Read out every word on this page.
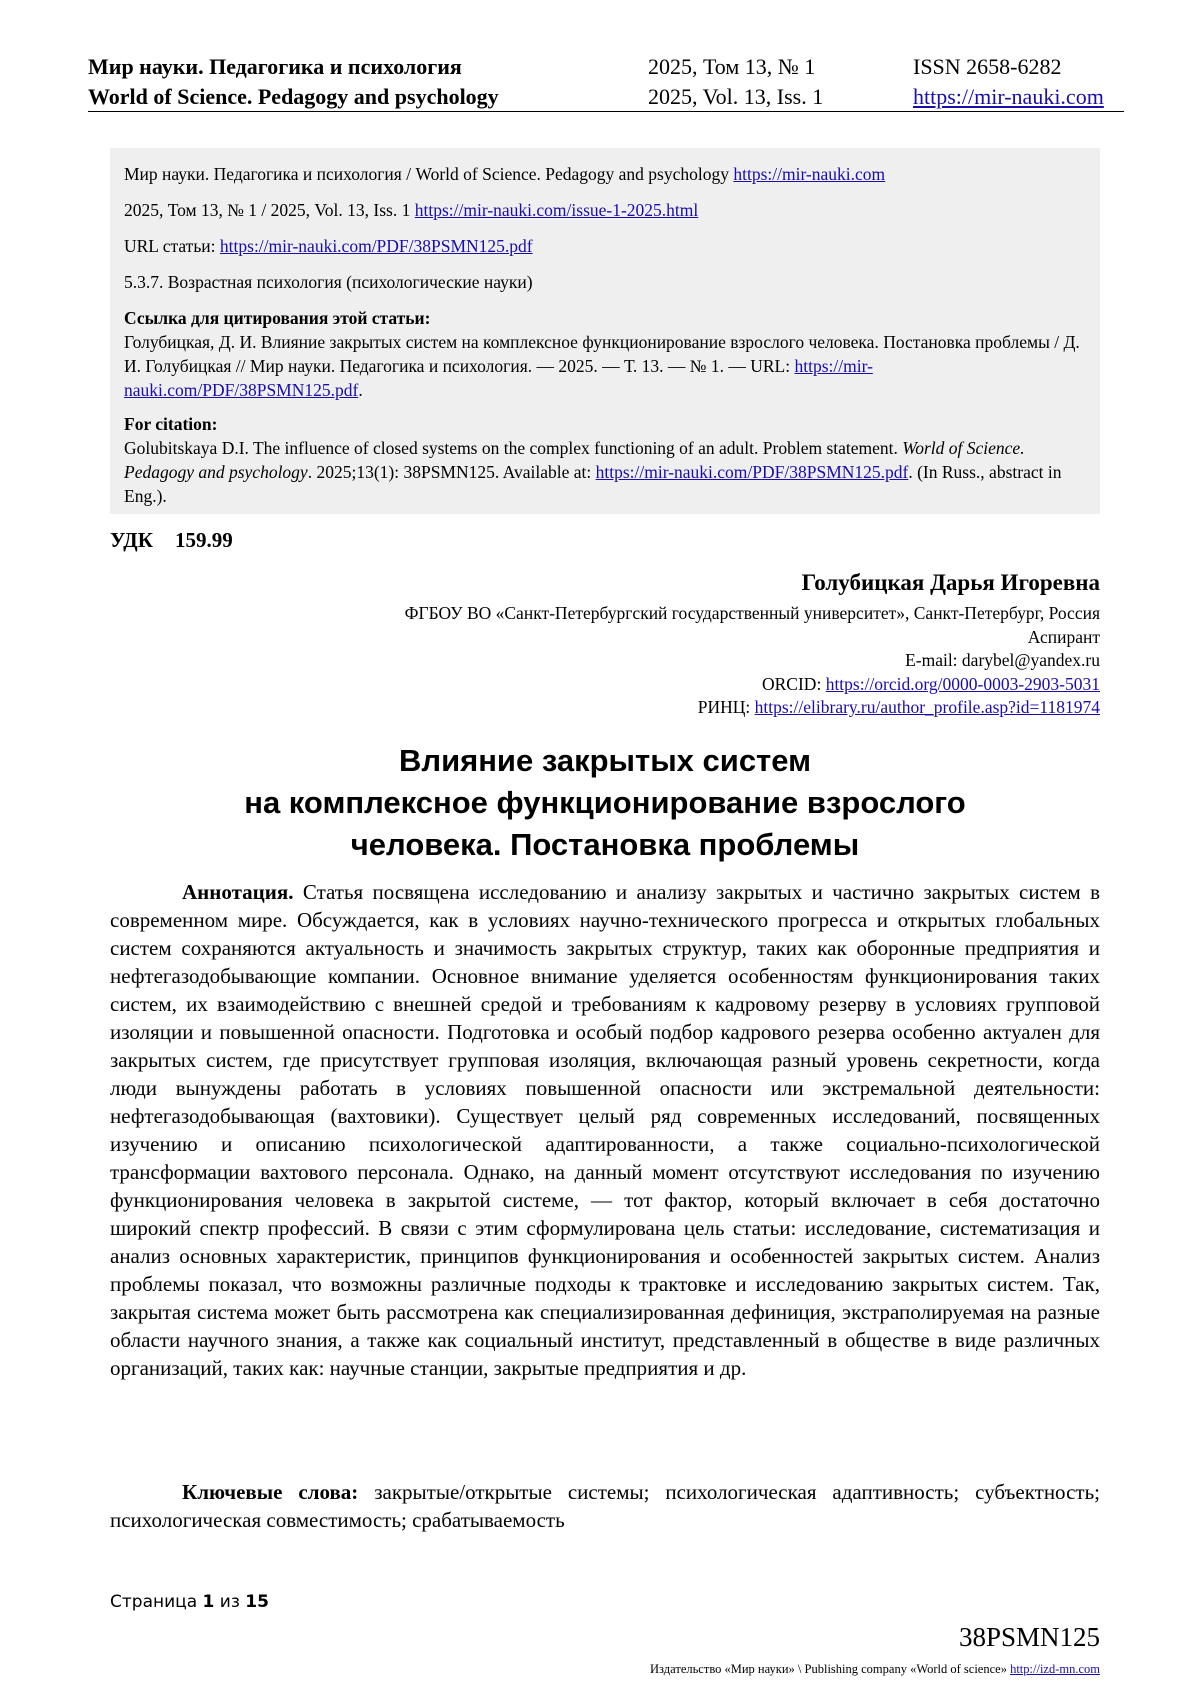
Мир науки. Педагогика и психология
World of Science. Pedagogy and psychology
2025, Том 13, № 1
2025, Vol. 13, Iss. 1
ISSN 2658-6282
https://mir-nauki.com

Мир науки. Педагогика и психология / World of Science. Pedagogy and psychology https://mir-nauki.com

2025, Том 13, № 1 / 2025, Vol. 13, Iss. 1 https://mir-nauki.com/issue-1-2025.html

URL статьи: https://mir-nauki.com/PDF/38PSMN125.pdf

5.3.7. Возрастная психология (психологические науки)

Ссылка для цитирования этой статьи:
Голубицкая, Д. И. Влияние закрытых систем на комплексное функционирование взрослого человека. Постановка проблемы / Д. И. Голубицкая // Мир науки. Педагогика и психология. — 2025. — Т. 13. — № 1. — URL: https://mir-nauki.com/PDF/38PSMN125.pdf.
For citation:
Golubitskaya D.I. The influence of closed systems on the complex functioning of an adult. Problem statement. World of Science. Pedagogy and psychology. 2025;13(1): 38PSMN125. Available at: https://mir-nauki.com/PDF/38PSMN125.pdf. (In Russ., abstract in Eng.).
УДК 159.99
Голубицкая Дарья Игоревна
ФГБОУ ВО «Санкт-Петербургский государственный университет», Санкт-Петербург, Россия
Аспирант
E-mail: darybel@yandex.ru
ORCID: https://orcid.org/0000-0003-2903-5031
РИНЦ: https://elibrary.ru/author_profile.asp?id=1181974
Влияние закрытых систем
на комплексное функционирование взрослого
человека. Постановка проблемы
Аннотация. Статья посвящена исследованию и анализу закрытых и частично закрытых систем в современном мире. Обсуждается, как в условиях научно-технического прогресса и открытых глобальных систем сохраняются актуальность и значимость закрытых структур, таких как оборонные предприятия и нефтегазодобывающие компании. Основное внимание уделяется особенностям функционирования таких систем, их взаимодействию с внешней средой и требованиям к кадровому резерву в условиях групповой изоляции и повышенной опасности. Подготовка и особый подбор кадрового резерва особенно актуален для закрытых систем, где присутствует групповая изоляция, включающая разный уровень секретности, когда люди вынуждены работать в условиях повышенной опасности или экстремальной деятельности: нефтегазодобывающая (вахтовики). Существует целый ряд современных исследований, посвященных изучению и описанию психологической адаптированности, а также социально-психологической трансформации вахтового персонала. Однако, на данный момент отсутствуют исследования по изучению функционирования человека в закрытой системе, — тот фактор, который включает в себя достаточно широкий спектр профессий. В связи с этим сформулирована цель статьи: исследование, систематизация и анализ основных характеристик, принципов функционирования и особенностей закрытых систем. Анализ проблемы показал, что возможны различные подходы к трактовке и исследованию закрытых систем. Так, закрытая система может быть рассмотрена как специализированная дефиниция, экстраполируемая на разные области научного знания, а также как социальный институт, представленный в обществе в виде различных организаций, таких как: научные станции, закрытые предприятия и др.
Ключевые слова: закрытые/открытые системы; психологическая адаптивность; субъектность; психологическая совместимость; срабатываемость
Страница 1 из 15
38PSMN125
Издательство «Мир науки» \ Publishing company «World of science» http://izd-mn.com
